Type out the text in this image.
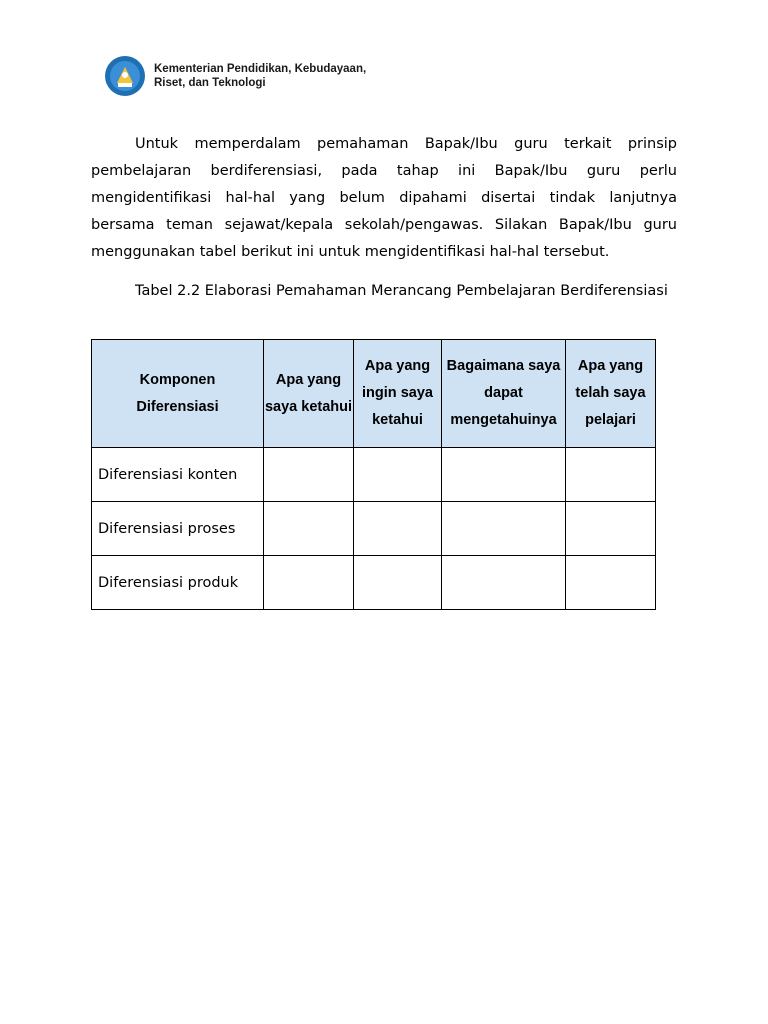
Kementerian Pendidikan, Kebudayaan,
Riset, dan Teknologi

Untuk memperdalam pemahaman Bapak/Ibu guru terkait prinsip pembelajaran berdiferensiasi, pada tahap ini Bapak/Ibu guru perlu mengidentifikasi hal-hal yang belum dipahami disertai tindak lanjutnya bersama teman sejawat/kepala sekolah/pengawas. Silakan Bapak/Ibu guru menggunakan tabel berikut ini untuk mengidentifikasi hal-hal tersebut.

Tabel 2.2 Elaborasi Pemahaman Merancang Pembelajaran Berdiferensiasi

Komponen Diferensiasi	Apa yang saya ketahui	Apa yang ingin saya ketahui	Bagaimana saya dapat mengetahuinya	Apa yang telah saya pelajari
Diferensiasi konten				
Diferensiasi proses				
Diferensiasi produk				
